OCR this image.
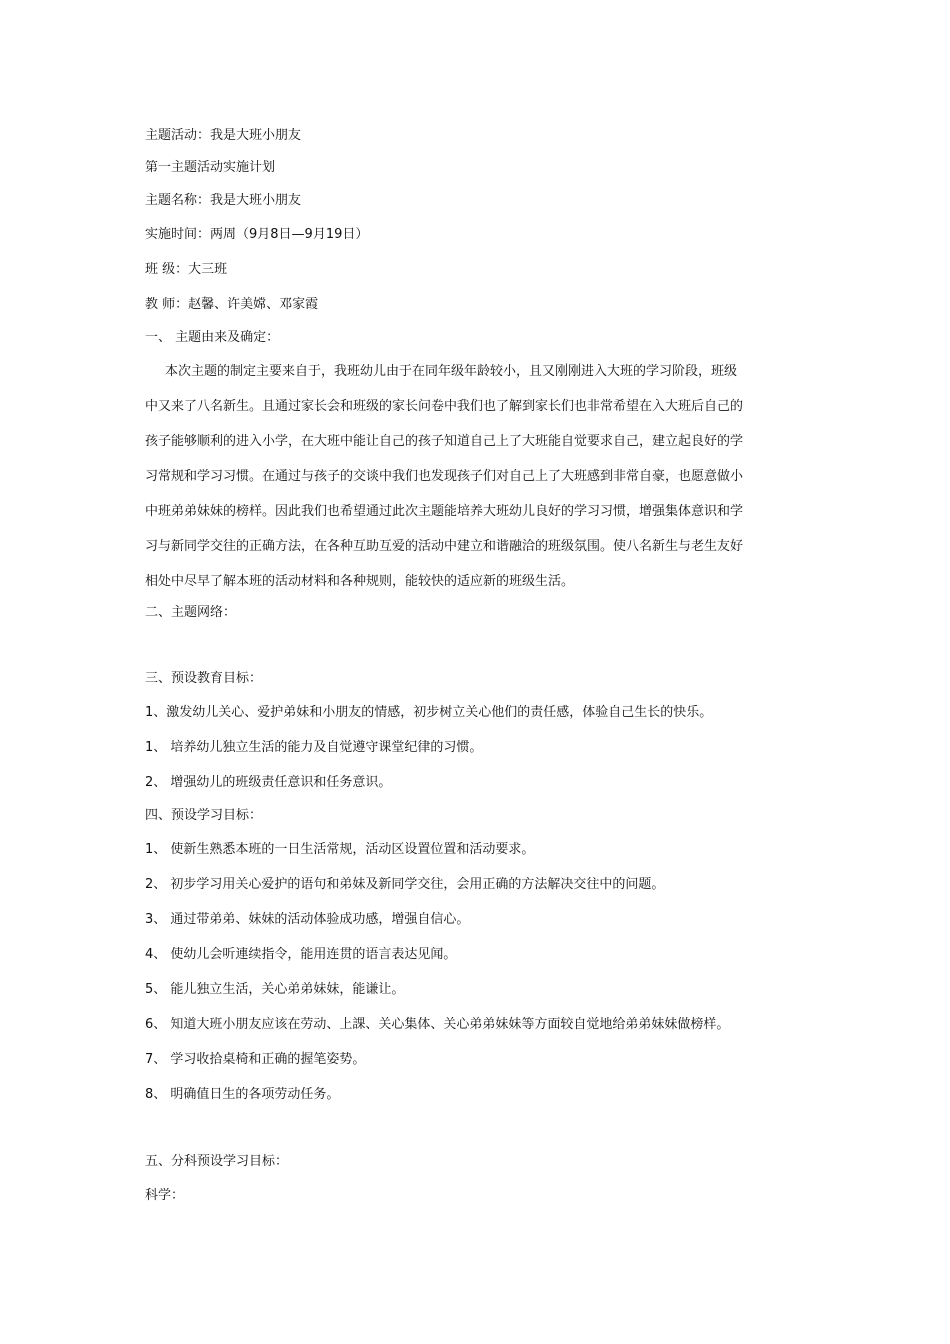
主题活动：我是大班小朋友
第一主题活动实施计划
主题名称：我是大班小朋友
实施时间：两周（9月8日—9月19日）
班 级：大三班
教 师：赵馨、许美嫦、邓家霞
一、 主题由来及确定：
本次主题的制定主要来自于，我班幼儿由于在同年级年龄较小，且又刚刚进入大班的学习阶段，班级
中又来了八名新生。且通过家长会和班级的家长问卷中我们也了解到家长们也非常希望在入大班后自己的
孩子能够顺利的进入小学，在大班中能让自己的孩子知道自己上了大班能自觉要求自己，建立起良好的学
习常规和学习习惯。在通过与孩子的交谈中我们也发现孩子们对自己上了大班感到非常自豪，也愿意做小
中班弟弟妹妹的榜样。因此我们也希望通过此次主题能培养大班幼儿良好的学习习惯，增强集体意识和学
习与新同学交往的正确方法，在各种互助互爱的活动中建立和谐融洽的班级氛围。使八名新生与老生友好
相处中尽早了解本班的活动材料和各种规则，能较快的适应新的班级生活。
二、主题网络：
三、预设教育目标：
1、激发幼儿关心、爱护弟妹和小朋友的情感，初步树立关心他们的责任感，体验自己生长的快乐。
1、 培养幼儿独立生活的能力及自觉遵守课堂纪律的习惯。
2、 增强幼儿的班级责任意识和任务意识。
四、预设学习目标：
1、 使新生熟悉本班的一日生活常规，活动区设置位置和活动要求。
2、 初步学习用关心爱护的语句和弟妹及新同学交往，会用正确的方法解决交往中的问题。
3、 通过带弟弟、妹妹的活动体验成功感，增强自信心。
4、 使幼儿会听連续指令，能用连贯的语言表达见闻。
5、 能儿独立生活，关心弟弟妹妹，能谦让。
6、 知道大班小朋友应该在劳动、上課、关心集体、关心弟弟妹妹等方面较自觉地给弟弟妹妹做榜样。
7、 学习收拾桌椅和正确的握笔姿势。
8、 明确值日生的各项劳动任务。
五、分科预设学习目标：
科学：
